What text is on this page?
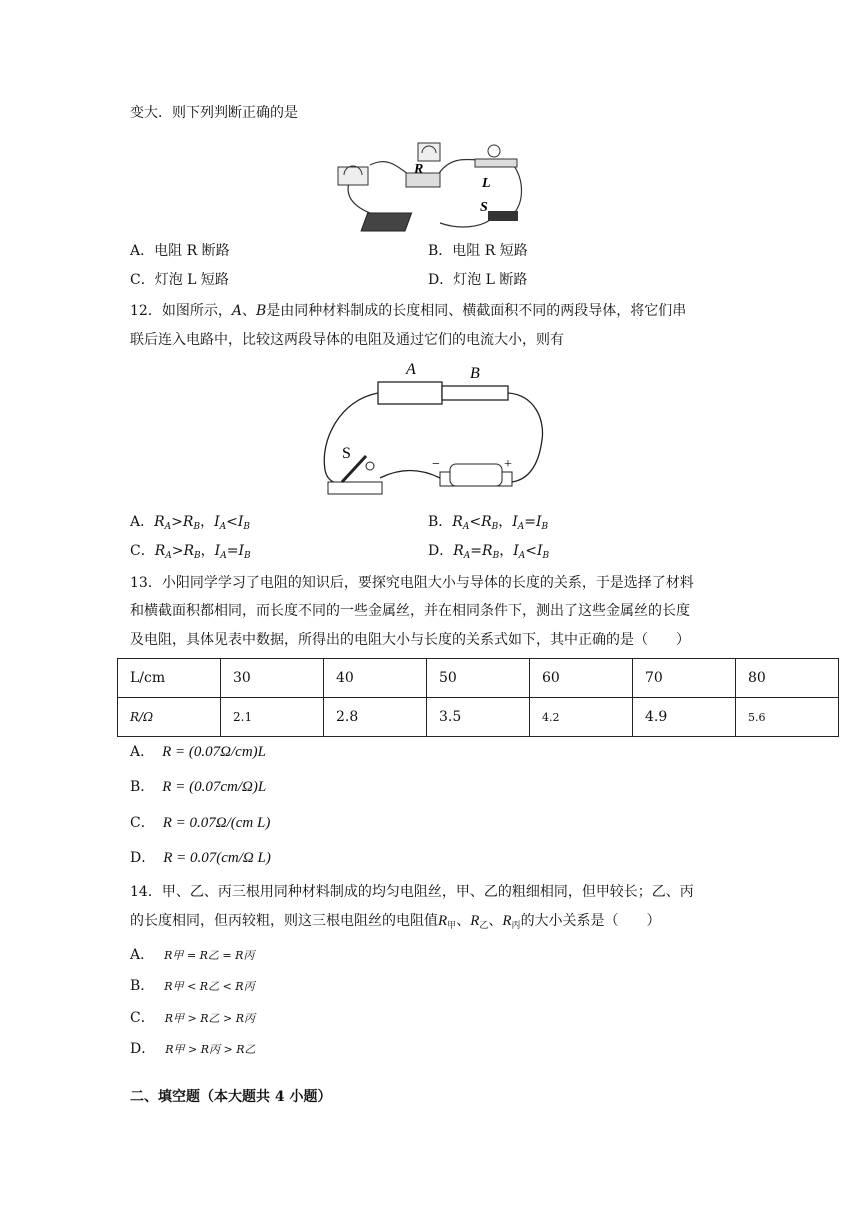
变大．则下列判断正确的是
R
L
S
A．电阻 R 断路	B．电阻 R 短路
C．灯泡 L 短路	D．灯泡 L 断路
12．如图所示，A、B是由同种材料制成的长度相同、横截面积不同的两段导体，将它们串
联后连入电路中，比较这两段导体的电阻及通过它们的电流大小，则有
A	B
S
−	+
A．$R_A>R_B$，$I_A<I_B$	B．$R_A<R_B$，$I_A=I_B$
C．$R_A>R_B$，$I_A=I_B$	D．$R_A=R_B$，$I_A<I_B$
13．小阳同学学习了电阻的知识后，要探究电阻大小与导体的长度的关系，于是选择了材料
和横截面积都相同，而长度不同的一些金属丝，并在相同条件下，测出了这些金属丝的长度
及电阻，具体见表中数据，所得出的电阻大小与长度的关系式如下，其中正确的是（　　）
L/cm	30	40	50	60	70	80
R/Ω	2.1	2.8	3.5	4.2	4.9	5.6
A． R = (0.07Ω/cm)L
B． R = (0.07cm/Ω)L
C． R = 0.07Ω/(cm L)
D． R = 0.07(cm/Ω L)
14．甲、乙、丙三根用同种材料制成的均匀电阻丝，甲、乙的粗细相同，但甲较长；乙、丙
的长度相同，但丙较粗，则这三根电阻丝的电阻值$R_甲$、$R_乙$、$R_丙$的大小关系是（　　）
A． R甲 = R乙 = R丙
B． R甲 < R乙 < R丙
C． R甲 > R乙 > R丙
D． R甲 > R丙 > R乙
二、填空题（本大题共 4 小题）
